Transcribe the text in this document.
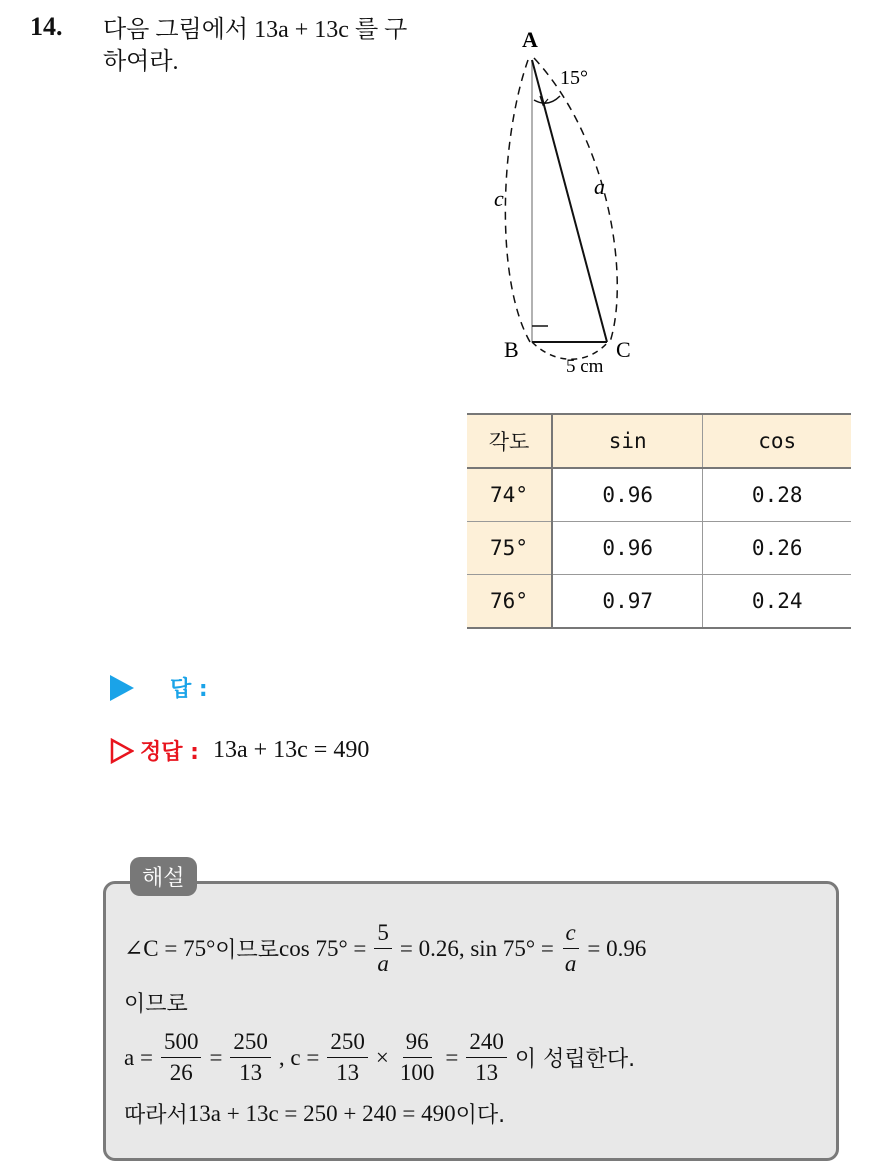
14. 다음 그림에서 13a + 13c 를 구
하여라.
A
B	C
15°
c	a
5 cm
각도	sin	cos
74°	0.96	0.28
75°	0.96	0.26
76°	0.97	0.24
답 :
정답 : 13a + 13c = 490
해설
∠C = 75° 이므로 $\cos 75^\circ = \frac{5}{a} = 0.26$, $\sin 75^\circ = \frac{c}{a} = 0.96$
이므로
$a = \frac{500}{26} = \frac{250}{13}$ , $c = \frac{250}{13} \times \frac{96}{100} = \frac{240}{13}$ 이 성립한다.
따라서 13a + 13c = 250 + 240 = 490 이다.
